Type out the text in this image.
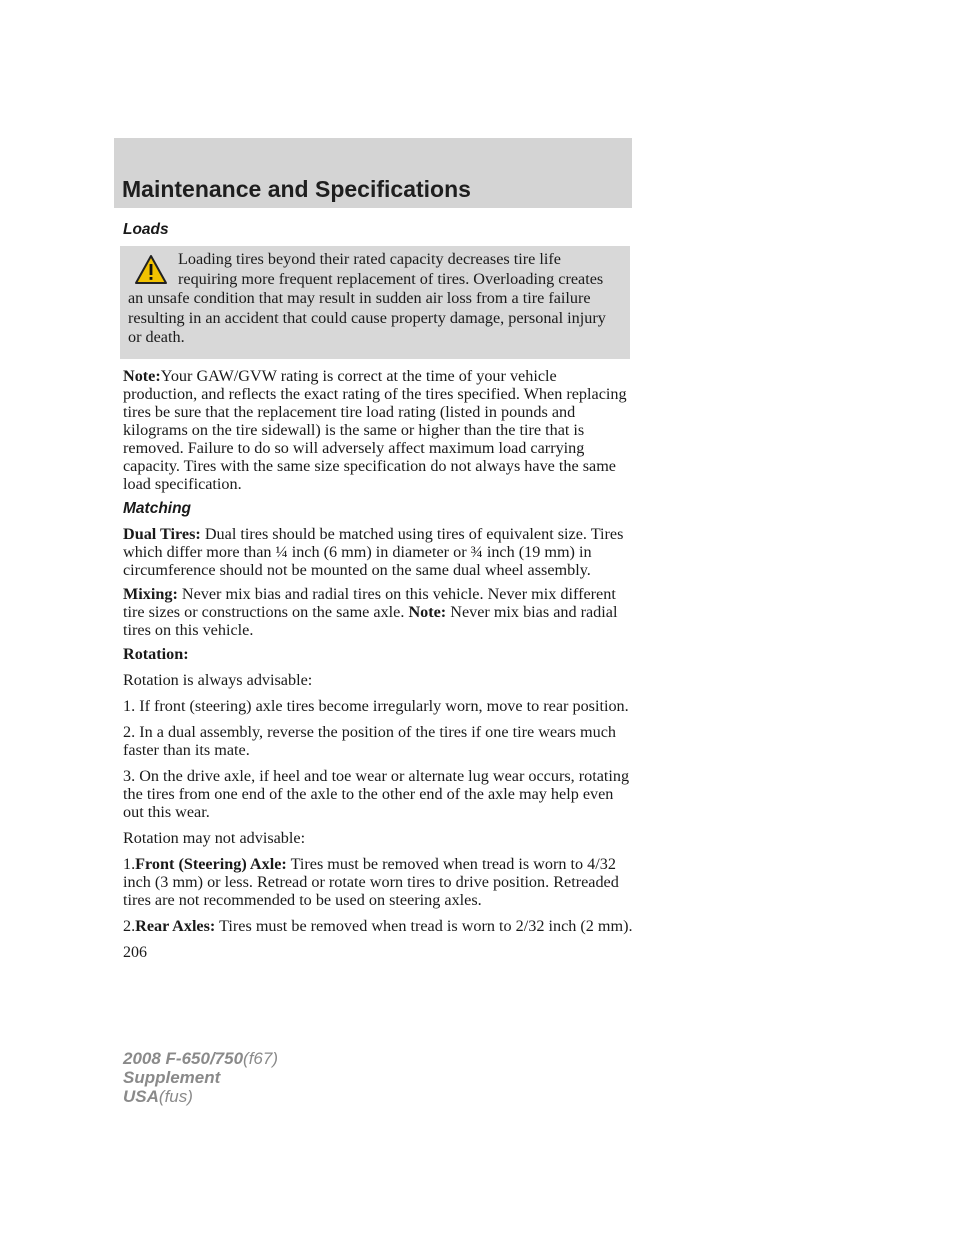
Maintenance and Specifications
Loads
Loading tires beyond their rated capacity decreases tire life requiring more frequent replacement of tires. Overloading creates an unsafe condition that may result in sudden air loss from a tire failure resulting in an accident that could cause property damage, personal injury or death.

Note:Your GAW/GVW rating is correct at the time of your vehicle production, and reflects the exact rating of the tires specified. When replacing tires be sure that the replacement tire load rating (listed in pounds and kilograms on the tire sidewall) is the same or higher than the tire that is removed. Failure to do so will adversely affect maximum load carrying capacity. Tires with the same size specification do not always have the same load specification.

Matching

Dual Tires: Dual tires should be matched using tires of equivalent size. Tires which differ more than ¼ inch (6 mm) in diameter or ¾ inch (19 mm) in circumference should not be mounted on the same dual wheel assembly.

Mixing: Never mix bias and radial tires on this vehicle. Never mix different tire sizes or constructions on the same axle. Note: Never mix bias and radial tires on this vehicle.

Rotation:

Rotation is always advisable:

1. If front (steering) axle tires become irregularly worn, move to rear position.

2. In a dual assembly, reverse the position of the tires if one tire wears much faster than its mate.

3. On the drive axle, if heel and toe wear or alternate lug wear occurs, rotating the tires from one end of the axle to the other end of the axle may help even out this wear.

Rotation may not advisable:

1.Front (Steering) Axle: Tires must be removed when tread is worn to 4/32 inch (3 mm) or less. Retread or rotate worn tires to drive position. Retreaded tires are not recommended to be used on steering axles.

2.Rear Axles: Tires must be removed when tread is worn to 2/32 inch (2 mm).

206
2008 F-650/750(f67)
Supplement
USA(fus)
